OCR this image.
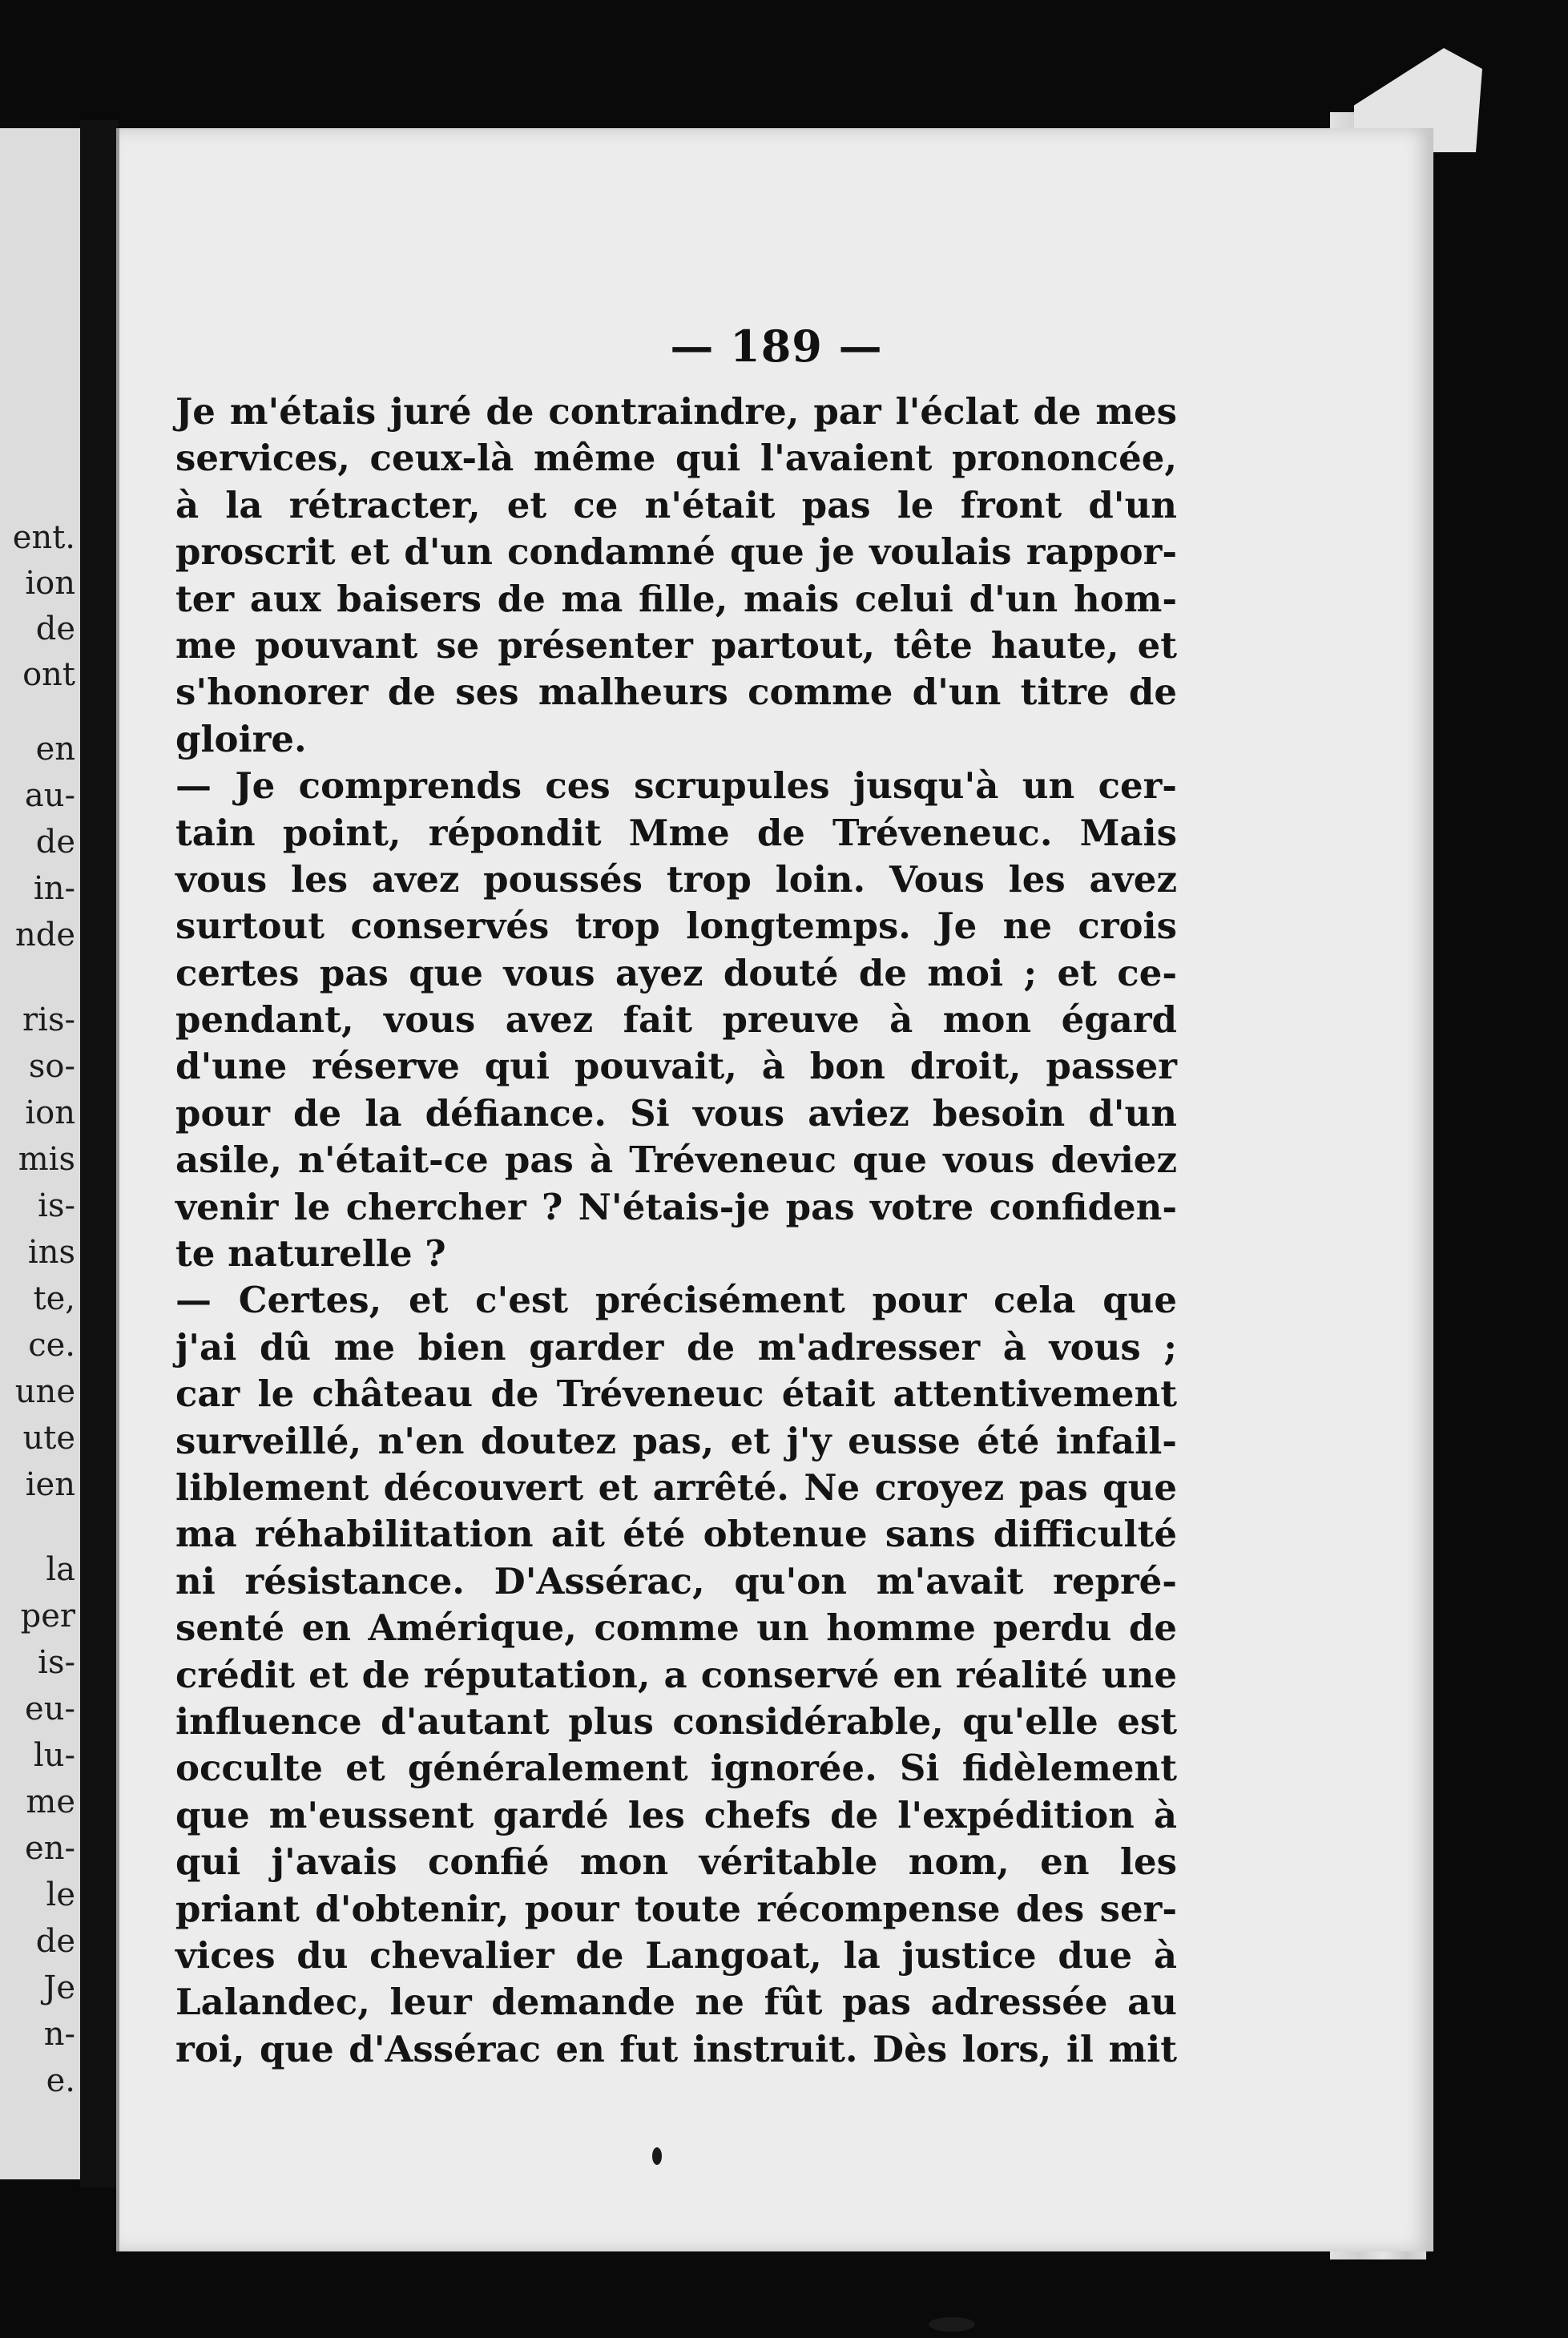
ent.
ion
de
ont
en
au-
de
in-
nde
ris-
so-
ion
mis
is-
ins
te,
ce.
une
ute
ien
la
per
is-
eu-
lu-
me
en-
le
de
Je
n-
e.
— 189 —
Je m'étais juré de contraindre, par l'éclat de mes
services, ceux-là même qui l'avaient prononcée,
à la rétracter, et ce n'était pas le front d'un
proscrit et d'un condamné que je voulais rappor-
ter aux baisers de ma fille, mais celui d'un hom-
me pouvant se présenter partout, tête haute, et
s'honorer de ses malheurs comme d'un titre de
gloire.
— Je comprends ces scrupules jusqu'à un cer-
tain point, répondit Mme de Tréveneuc. Mais
vous les avez poussés trop loin. Vous les avez
surtout conservés trop longtemps. Je ne crois
certes pas que vous ayez douté de moi ; et ce-
pendant, vous avez fait preuve à mon égard
d'une réserve qui pouvait, à bon droit, passer
pour de la défiance. Si vous aviez besoin d'un
asile, n'était-ce pas à Tréveneuc que vous deviez
venir le chercher ? N'étais-je pas votre confiden-
te naturelle ?
— Certes, et c'est précisément pour cela que
j'ai dû me bien garder de m'adresser à vous ;
car le château de Tréveneuc était attentivement
surveillé, n'en doutez pas, et j'y eusse été infail-
liblement découvert et arrêté. Ne croyez pas que
ma réhabilitation ait été obtenue sans difficulté
ni résistance. D'Assérac, qu'on m'avait repré-
senté en Amérique, comme un homme perdu de
crédit et de réputation, a conservé en réalité une
influence d'autant plus considérable, qu'elle est
occulte et généralement ignorée. Si fidèlement
que m'eussent gardé les chefs de l'expédition à
qui j'avais confié mon véritable nom, en les
priant d'obtenir, pour toute récompense des ser-
vices du chevalier de Langoat, la justice due à
Lalandec, leur demande ne fût pas adressée au
roi, que d'Assérac en fut instruit. Dès lors, il mit
